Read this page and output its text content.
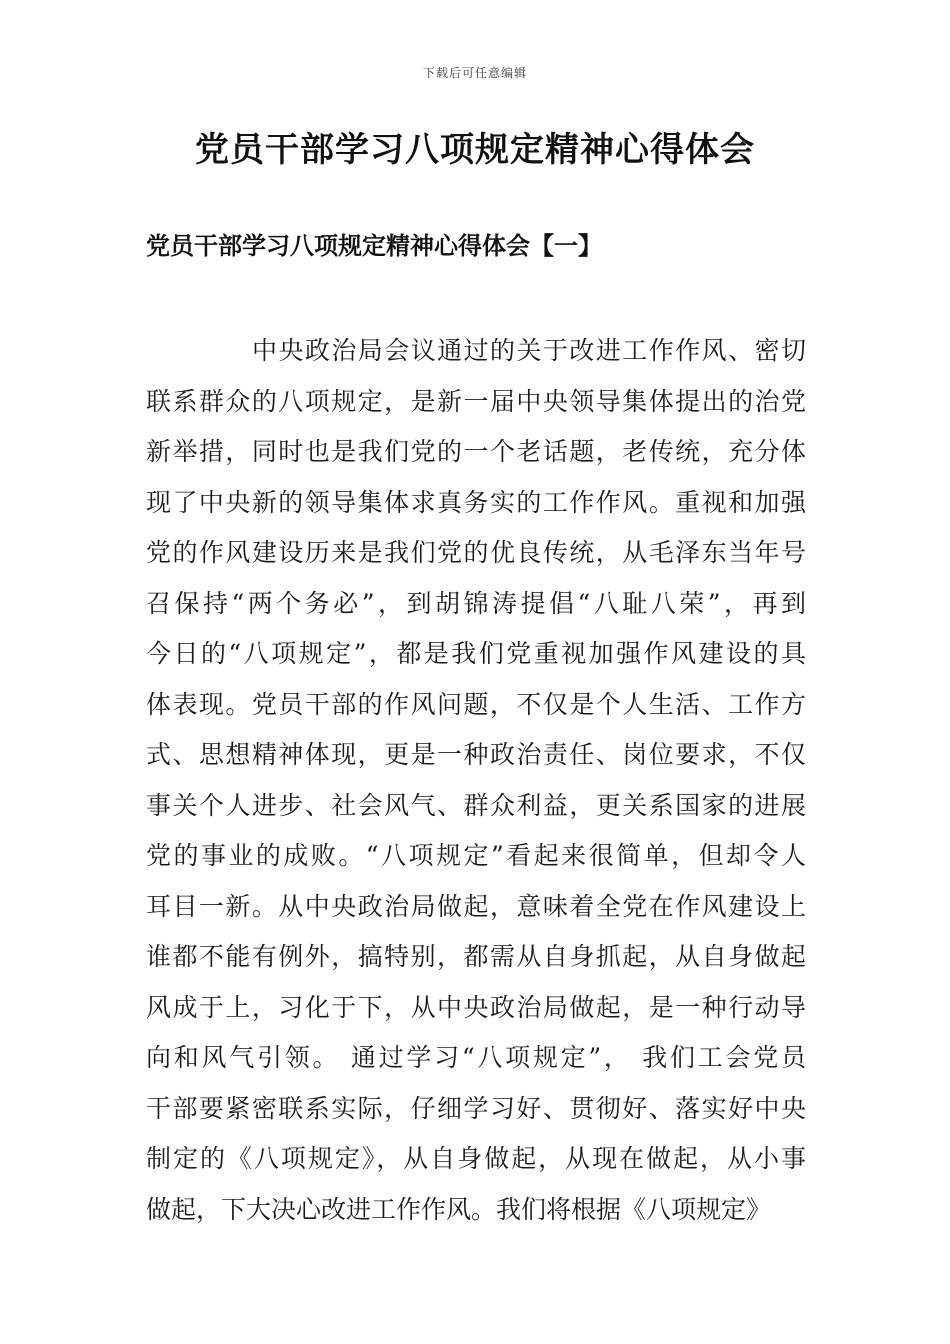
下载后可任意编辑
党员干部学习八项规定精神心得体会
党员干部学习八项规定精神心得体会【一】
中央政治局会议通过的关于改进工作作风、密切
联系群众的八项规定，是新一届中央领导集体提出的治党
新举措，同时也是我们党的一个老话题，老传统，充分体
现了中央新的领导集体求真务实的工作作风。重视和加强
党的作风建设历来是我们党的优良传统，从毛泽东当年号
召保持“两个务必”，到胡锦涛提倡“八耻八荣”，再到
今日的“八项规定”，都是我们党重视加强作风建设的具
体表现。党员干部的作风问题，不仅是个人生活、工作方
式、思想精神体现，更是一种政治责任、岗位要求，不仅
事关个人进步、社会风气、群众利益，更关系国家的进展
党的事业的成败。“八项规定”看起来很简单，但却令人
耳目一新。从中央政治局做起，意味着全党在作风建设上
谁都不能有例外，搞特别，都需从自身抓起，从自身做起
风成于上，习化于下，从中央政治局做起，是一种行动导
向和风气引领。 通过学习“八项规定”， 我们工会党员
干部要紧密联系实际，仔细学习好、贯彻好、落实好中央
制定的《八项规定》，从自身做起，从现在做起，从小事
做起，下大决心改进工作作风。我们将根据《八项规定》
